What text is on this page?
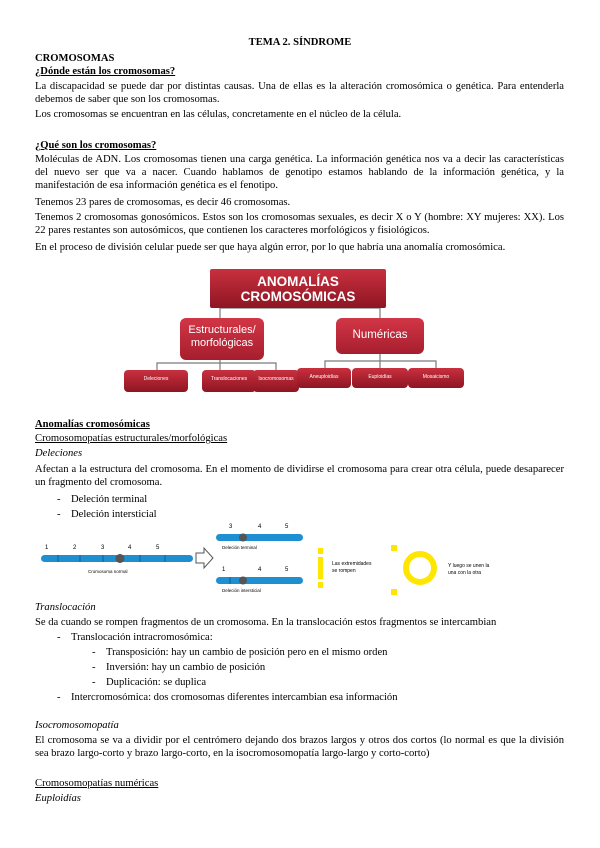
TEMA 2. SÍNDROME
CROMOSOMAS
¿Dónde están los cromosomas?
La discapacidad se puede dar por distintas causas. Una de ellas es la alteración cromosómica o genética. Para entenderla debemos de saber que son los cromosomas.
Los cromosomas se encuentran en las células, concretamente en el núcleo de la célula.
¿Qué son los cromosomas?
Moléculas de ADN. Los cromosomas tienen una carga genética. La información genética nos va a decir las características del nuevo ser que va a nacer. Cuando hablamos de genotipo estamos hablando de la información genética, y la manifestación de esa información genética es el fenotipo.
Tenemos 23 pares de cromosomas, es decir 46 cromosomas.
Tenemos 2 cromosomas gonosómicos. Estos son los cromosomas sexuales, es decir X o Y (hombre: XY mujeres: XX). Los 22 pares restantes son autosómicos, que contienen los caracteres morfológicos y fisiológicos.
En el proceso de división celular puede ser que haya algún error, por lo que habría una anomalía cromosómica.
ANOMALÍAS
CROMOSÓMICAS
Estructurales/
morfológicas
Numéricas
Deleciones	Translocaciones	Isocromosomas	Aneuploidías	Euploidías	Mosaicismo
Anomalías cromosómicas
Cromosomopatías estructurales/morfológicas
Deleciones
Afectan a la estructura del cromosoma. En el momento de dividirse el cromosoma para crear otra célula, puede desaparecer un fragmento del cromosoma.
- Deleción terminal
- Deleción intersticial
1	2	3	4	5
Cromosoma normal
3	4	5
Deleción terminal
1	4	5
Deleción intersticial
Las extremidades
se rompen
Y luego se unen la
una con la otra
Translocación
Se da cuando se rompen fragmentos de un cromosoma. En la translocación estos fragmentos se intercambian
- Translocación intracromosómica:
- Transposición: hay un cambio de posición pero en el mismo orden
- Inversión: hay un cambio de posición
- Duplicación: se duplica
- Intercromosómica: dos cromosomas diferentes intercambian esa información
Isocromosomopatía
El cromosoma se va a dividir por el centrómero dejando dos brazos largos y otros dos cortos (lo normal es que la división sea brazo largo-corto y brazo largo-corto, en la isocromosomopatía largo-largo y corto-corto)
Cromosomopatías numéricas
Euploidías
